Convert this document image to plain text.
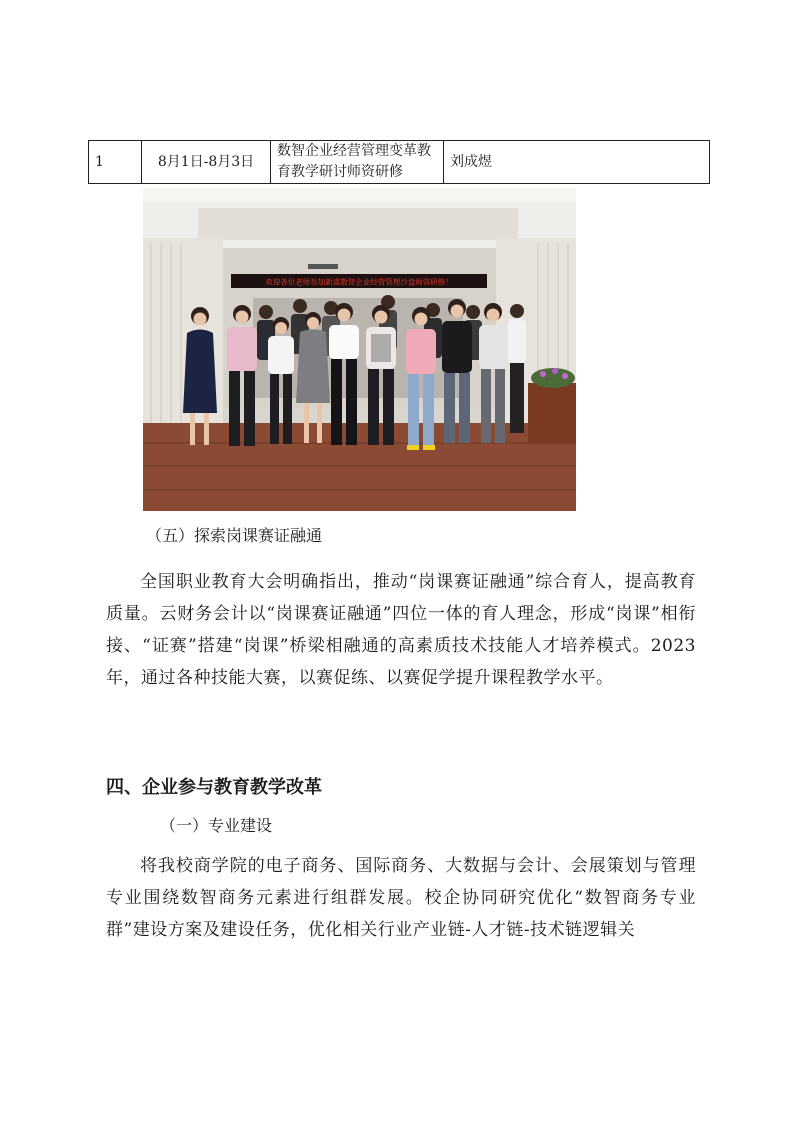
1	8月1日-8月3日	数智企业经营管理变革教育教学研讨师资研修	刘成煜
欢迎各位老师参加新道数智企业经营管理沙盘师资研修！
（五）探索岗课赛证融通
全国职业教育大会明确指出，推动“岗课赛证融通”综合育人，提高教育质量。云财务会计以“岗课赛证融通”四位一体的育人理念，形成“岗课”相衔接、“证赛”搭建“岗课”桥梁相融通的高素质技术技能人才培养模式。2023年，通过各种技能大赛，以赛促练、以赛促学提升课程教学水平。
四、企业参与教育教学改革
（一）专业建设
将我校商学院的电子商务、国际商务、大数据与会计、会展策划与管理专业围绕数智商务元素进行组群发展。校企协同研究优化“数智商务专业群”建设方案及建设任务，优化相关行业产业链-人才链-技术链逻辑关
